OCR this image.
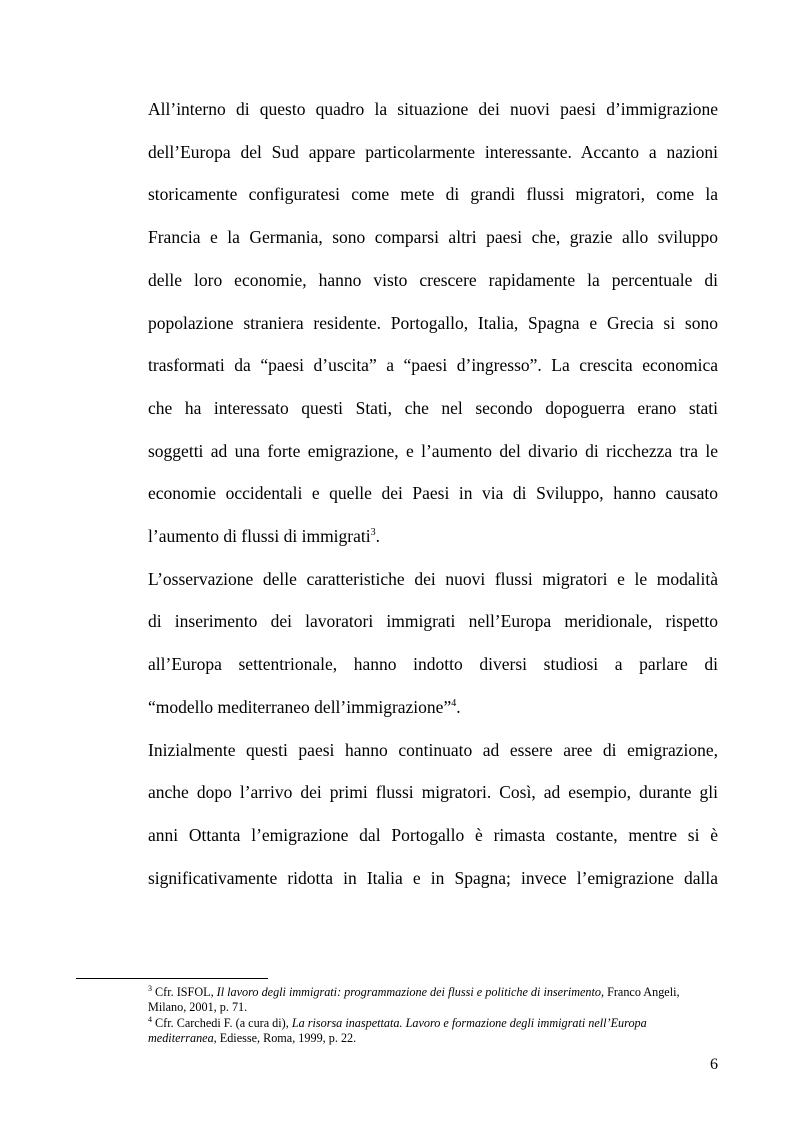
All’interno di questo quadro la situazione dei nuovi paesi d’immigrazione

dell’Europa del Sud appare particolarmente interessante. Accanto a nazioni

storicamente configuratesi come mete di grandi flussi migratori, come la

Francia e la Germania, sono comparsi altri paesi che, grazie allo sviluppo

delle loro economie, hanno visto crescere rapidamente la percentuale di

popolazione straniera residente. Portogallo, Italia, Spagna e Grecia si sono

trasformati da “paesi d’uscita” a “paesi d’ingresso”. La crescita economica

che ha interessato questi Stati, che nel secondo dopoguerra erano stati

soggetti ad una forte emigrazione, e l’aumento del divario di ricchezza tra le

economie occidentali e quelle dei Paesi in via di Sviluppo, hanno causato

l’aumento di flussi di immigrati$^3$.

L’osservazione delle caratteristiche dei nuovi flussi migratori e le modalità

di inserimento dei lavoratori immigrati nell’Europa meridionale, rispetto

all’Europa settentrionale, hanno indotto diversi studiosi a parlare di

“modello mediterraneo dell’immigrazione”$^4$.

Inizialmente questi paesi hanno continuato ad essere aree di emigrazione,

anche dopo l’arrivo dei primi flussi migratori. Così, ad esempio, durante gli

anni Ottanta l’emigrazione dal Portogallo è rimasta costante, mentre si è

significativamente ridotta in Italia e in Spagna; invece l’emigrazione dalla

$^3$ Cfr. ISFOL, Il lavoro degli immigrati: programmazione dei flussi e politiche di inserimento, Franco Angeli,      Milano, 2001, p. 71.

$^4$ Cfr. Carchedi F. (a cura di), La risorsa inaspettata. Lavoro e formazione degli immigrati nell’Europa mediterranea, Ediesse, Roma, 1999, p. 22.

6
